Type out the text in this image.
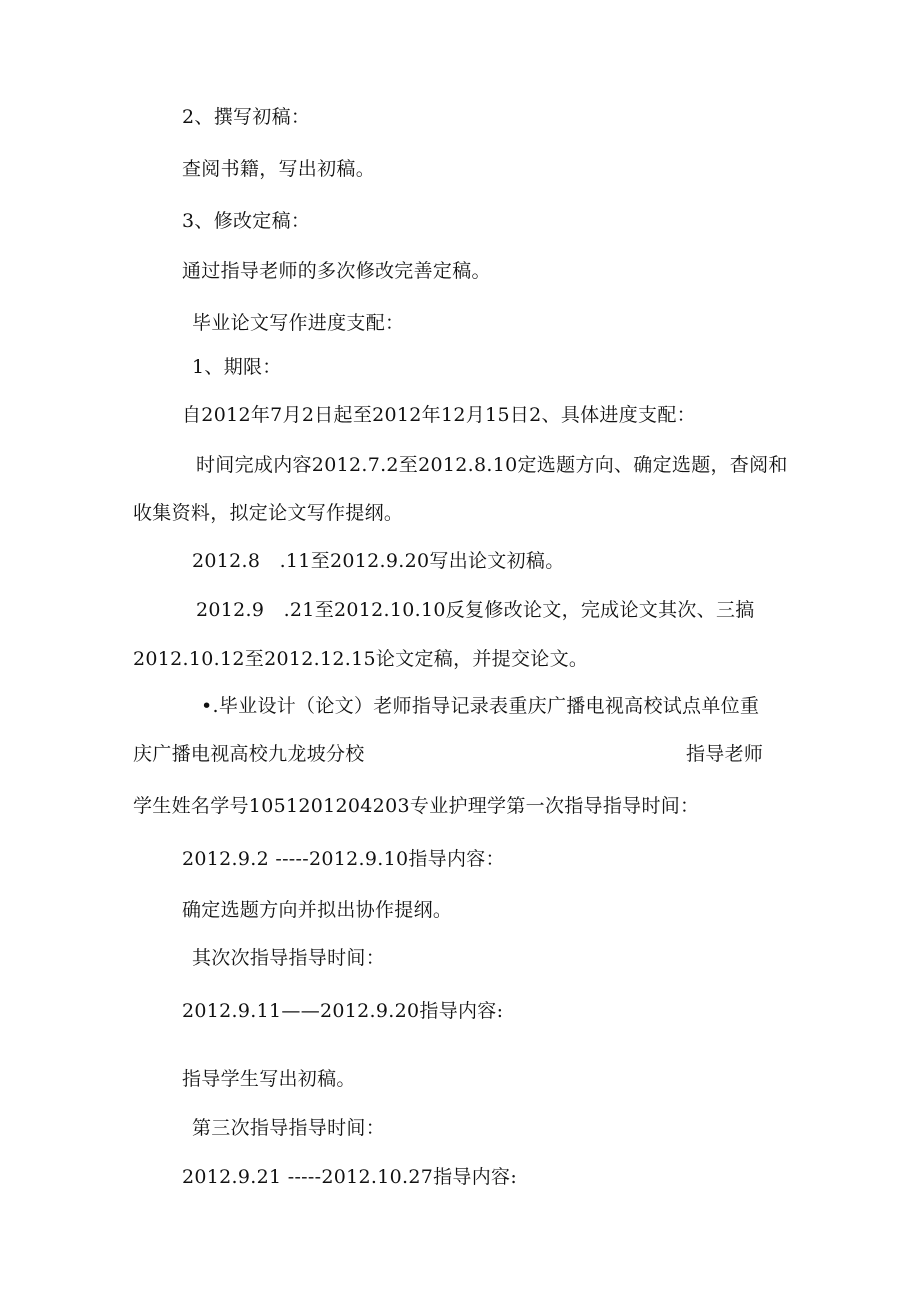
2、撰写初稿：
查阅书籍，写出初稿。
3、修改定稿：
通过指导老师的多次修改完善定稿。
毕业论文写作进度支配：
1、期限：
自2012年7月2日起至2012年12月15日2、具体进度支配：
时间完成内容2012.7.2至2012.8.10定选题方向、确定选题，杳阅和
收集资料，拟定论文写作提纲。
2012.8　.11至2012.9.20写出论文初稿。
2012.9　.21至2012.10.10反复修改论文，完成论文其次、三搞
2012.10.12至2012.12.15论文定稿，并提交论文。
•.毕业设计（论文）老师指导记录表重庆广播电视高校试点单位重
庆广播电视高校九龙坡分校	指导老师
学生姓名学号1051201204203专业护理学第一次指导指导时间：
2012.9.2 -----2012.9.10指导内容：
确定选题方向并拟出协作提纲。
其次次指导指导时间：
2012.9.11——2012.9.20指导内容:
指导学生写出初稿。
第三次指导指导时间：
2012.9.21 -----2012.10.27指导内容:
